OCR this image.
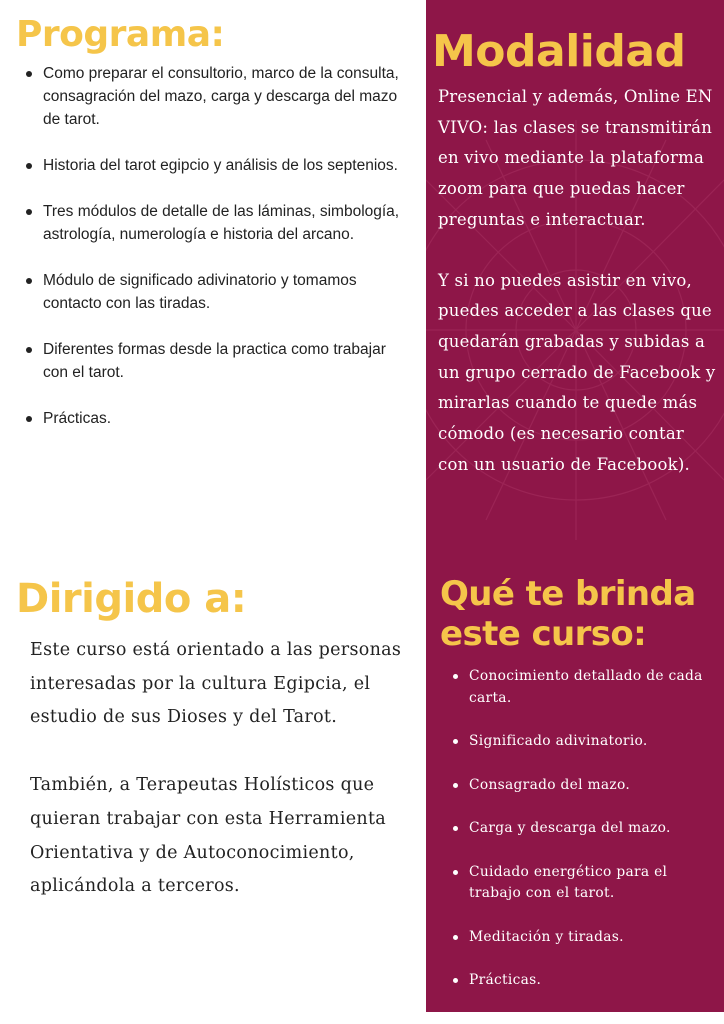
Programa:
Como preparar el consultorio, marco de la consulta, consagración del mazo, carga y descarga del mazo de tarot.
Historia del tarot egipcio y análisis de los septenios.
Tres módulos de detalle de las láminas, simbología, astrología, numerología e historia del arcano.
Módulo de significado adivinatorio y tomamos contacto con las tiradas.
Diferentes formas desde la practica como trabajar con el tarot.
Prácticas.
Modalidad

Presencial y además, Online EN VIVO: las clases se transmitirán en vivo mediante la plataforma zoom para que puedas hacer preguntas e interactuar.

Y si no puedes asistir en vivo, puedes acceder a las clases que quedarán grabadas y subidas a un grupo cerrado de Facebook y mirarlas cuando te quede más cómodo (es necesario contar con un usuario de Facebook).

Dirigido a:

Este curso está orientado a las personas interesadas por la cultura Egipcia, el estudio de sus Dioses y del Tarot.

También, a Terapeutas Holísticos que quieran trabajar con esta Herramienta Orientativa y de Autoconocimiento, aplicándola a terceros.

Qué te brinda este curso:
Conocimiento detallado de cada carta.
Significado adivinatorio.
Consagrado del mazo.
Carga y descarga del mazo.
Cuidado energético para el trabajo con el tarot.
Meditación y tiradas.
Prácticas.
